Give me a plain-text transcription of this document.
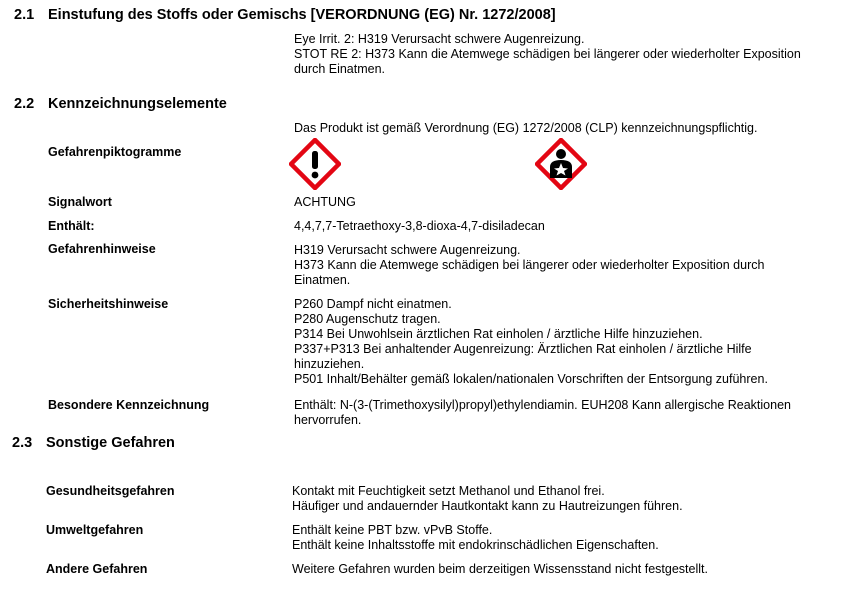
2.1 Einstufung des Stoffs oder Gemischs [VERORDNUNG (EG) Nr. 1272/2008]
Eye Irrit. 2: H319 Verursacht schwere Augenreizung.
STOT RE 2: H373 Kann die Atemwege schädigen bei längerer oder wiederholter Exposition
durch Einatmen.
2.2 Kennzeichnungselemente
Das Produkt ist gemäß Verordnung (EG) 1272/2008 (CLP) kennzeichnungspflichtig.
Gefahrenpiktogramme
Signalwort	ACHTUNG
Enthält:	4,4,7,7-Tetraethoxy-3,8-dioxa-4,7-disiladecan
Gefahrenhinweise	H319 Verursacht schwere Augenreizung.
H373 Kann die Atemwege schädigen bei längerer oder wiederholter Exposition durch
Einatmen.
Sicherheitshinweise	P260 Dampf nicht einatmen.
P280 Augenschutz tragen.
P314 Bei Unwohlsein ärztlichen Rat einholen / ärztliche Hilfe hinzuziehen.
P337+P313 Bei anhaltender Augenreizung: Ärztlichen Rat einholen / ärztliche Hilfe
hinzuziehen.
P501 Inhalt/Behälter gemäß lokalen/nationalen Vorschriften der Entsorgung zuführen.
Besondere Kennzeichnung	Enthält: N-(3-(Trimethoxysilyl)propyl)ethylendiamin. EUH208 Kann allergische Reaktionen
hervorrufen.
2.3 Sonstige Gefahren
Gesundheitsgefahren	Kontakt mit Feuchtigkeit setzt Methanol und Ethanol frei.
Häufiger und andauernder Hautkontakt kann zu Hautreizungen führen.
Umweltgefahren	Enthält keine PBT bzw. vPvB Stoffe.
Enthält keine Inhaltsstoffe mit endokrinschädlichen Eigenschaften.
Andere Gefahren	Weitere Gefahren wurden beim derzeitigen Wissensstand nicht festgestellt.
